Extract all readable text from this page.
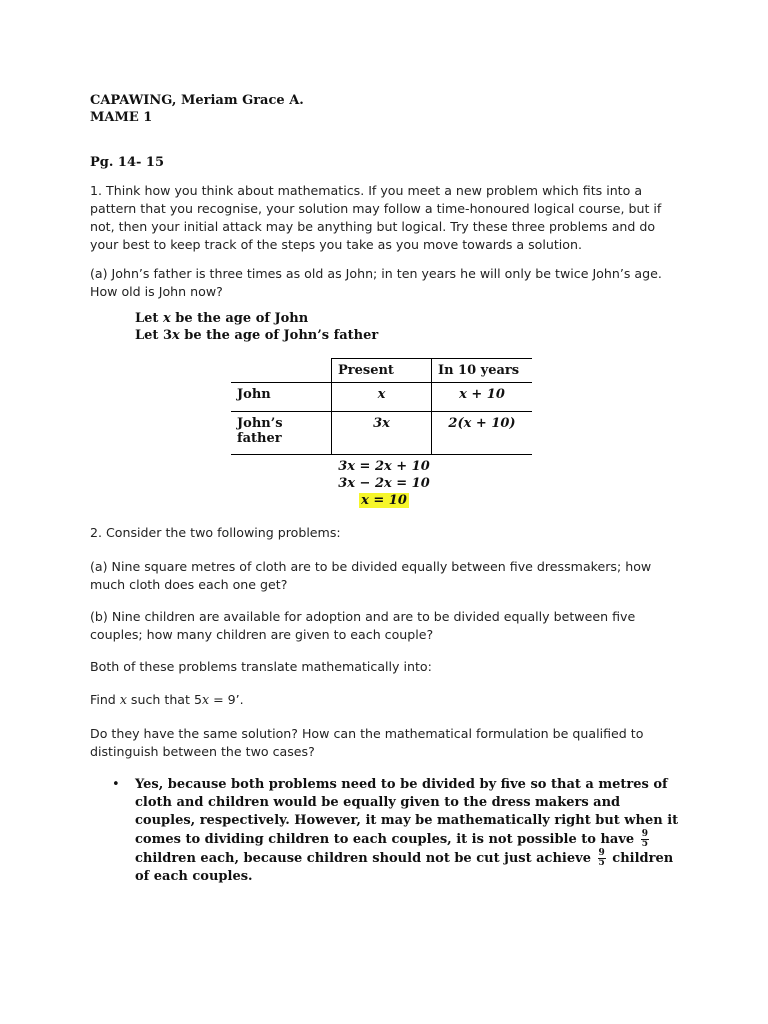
CAPAWING, Meriam Grace A.
MAME 1
Pg. 14- 15

1. Think how you think about mathematics. If you meet a new problem which fits into a pattern that you recognise, your solution may follow a time-honoured logical course, but if not, then your initial attack may be anything but logical. Try these three problems and do your best to keep track of the steps you take as you move towards a solution.

(a) John’s father is three times as old as John; in ten years he will only be twice John’s age. How old is John now?

Let x be the age of John
Let 3x be the age of John’s father
	Present	In 10 years
John	x	x + 10
John’s father	3x	2(x + 10)
3x = 2x + 10
3x − 2x = 10
x = 10

2. Consider the two following problems:

(a) Nine square metres of cloth are to be divided equally between five dressmakers; how much cloth does each one get?

(b) Nine children are available for adoption and are to be divided equally between five couples; how many children are given to each couple?

Both of these problems translate mathematically into:

Find x such that 5x = 9’.

Do they have the same solution? How can the mathematical formulation be qualified to distinguish between the two cases?

• Yes, because both problems need to be divided by five so that a metres of cloth and children would be equally given to the dress makers and couples, respectively. However, it may be mathematically right but when it comes to dividing children to each couples, it is not possible to have $\frac{9}{5}$
children each, because children should not be cut just achieve $\frac{9}{5}$ children of each couples.
